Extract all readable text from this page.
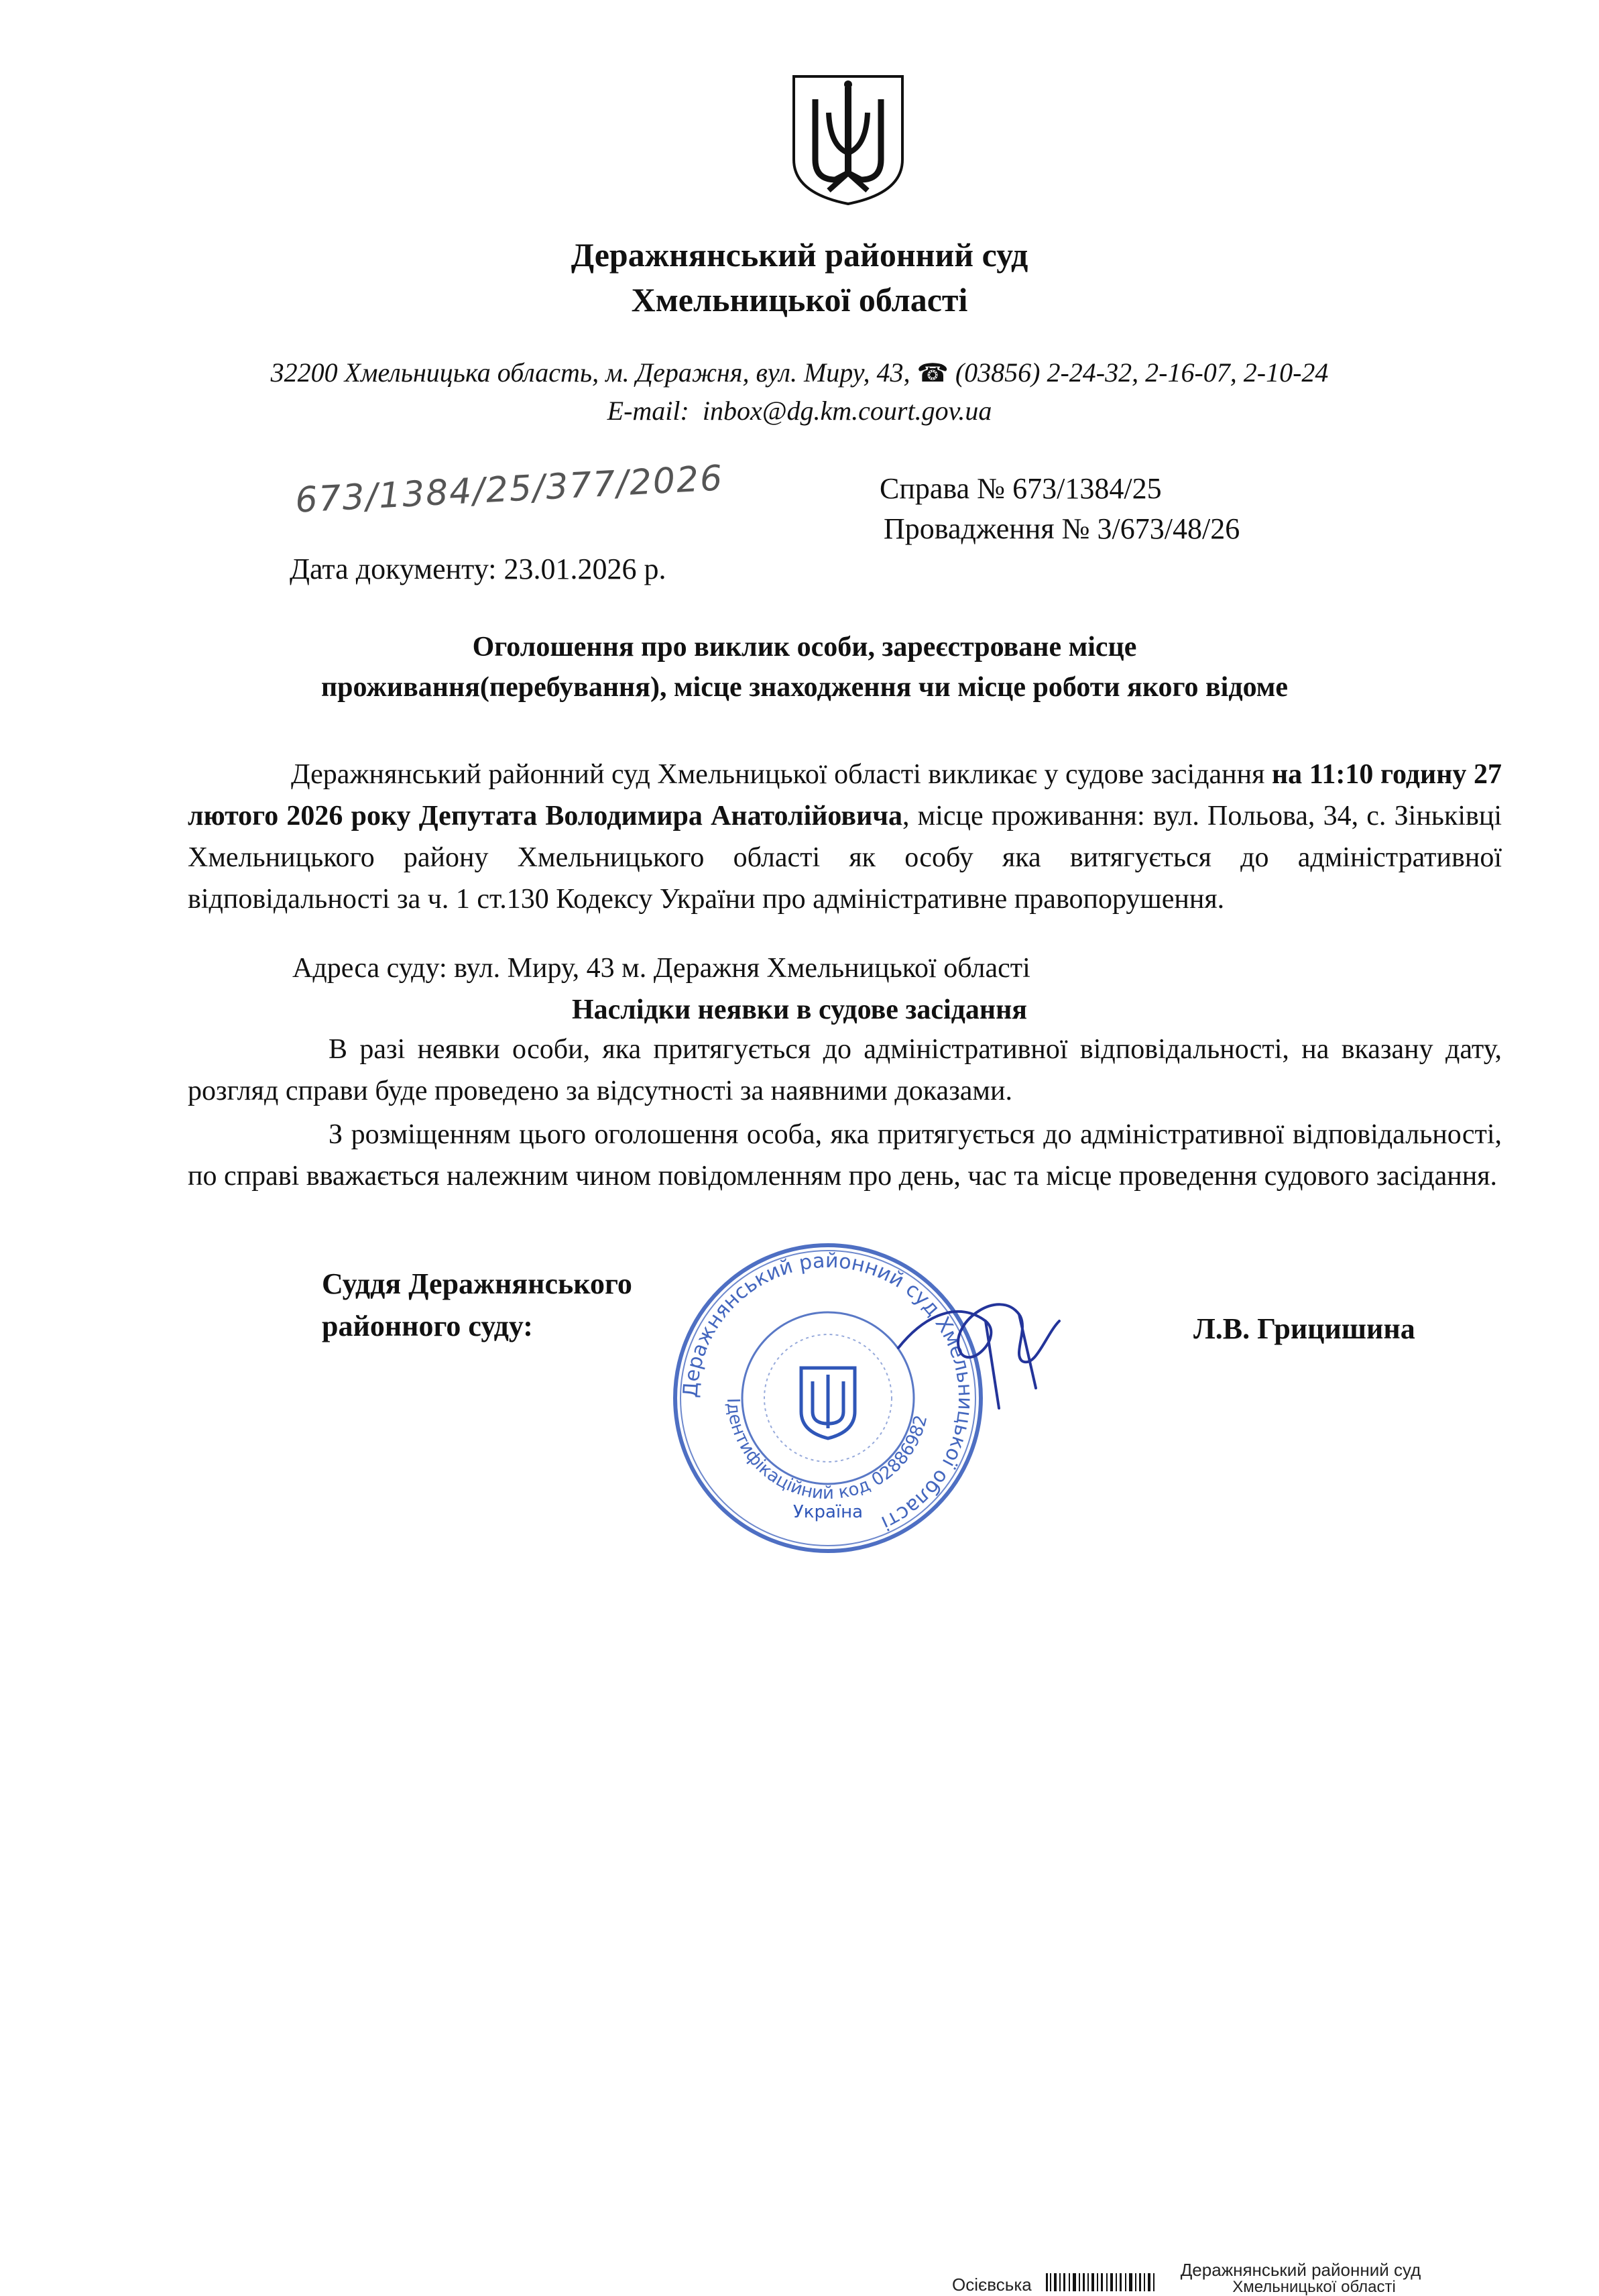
Деражнянський районний суд
Хмельницької області
32200 Хмельницька область, м. Деражня, вул. Миру, 43, ☎ (03856) 2-24-32, 2-16-07, 2-10-24
E-mail: inbox@dg.km.court.gov.ua
673/1384/25/377/2026	Справа № 673/1384/25
Провадження № 3/673/48/26
Дата документу: 23.01.2026 р.
Оголошення про виклик особи, зареєстроване місце
проживання(перебування), місце знаходження чи місце роботи якого відоме
Деражнянський районний суд Хмельницької області викликає у судове засідання на 11:10 годину 27 лютого 2026 року Депутата Володимира Анатолійовича, місце проживання: вул. Польова, 34, с. Зіньківці Хмельницького району Хмельницького області як особу яка витягується до адміністративної відповідальності за ч. 1 ст.130 Кодексу України про адміністративне правопорушення.
Адреса суду: вул. Миру, 43 м. Деражня Хмельницької області
Наслідки неявки в судове засідання
В разі неявки особи, яка притягується до адміністративної відповідальності, на вказану дату, розгляд справи буде проведено за відсутності за наявними доказами.
З розміщенням цього оголошення особа, яка притягується до адміністративної відповідальності, по справі вважається належним чином повідомленням про день, час та місце проведення судового засідання.
Суддя Деражнянського
районного суду:	Л.В. Грицишина
Деражнянський районний суд Хмельницької області
Ідентифікаційний код 02886982
Україна
Деражнянський районний суд
Осієвська	Хмельницької області
